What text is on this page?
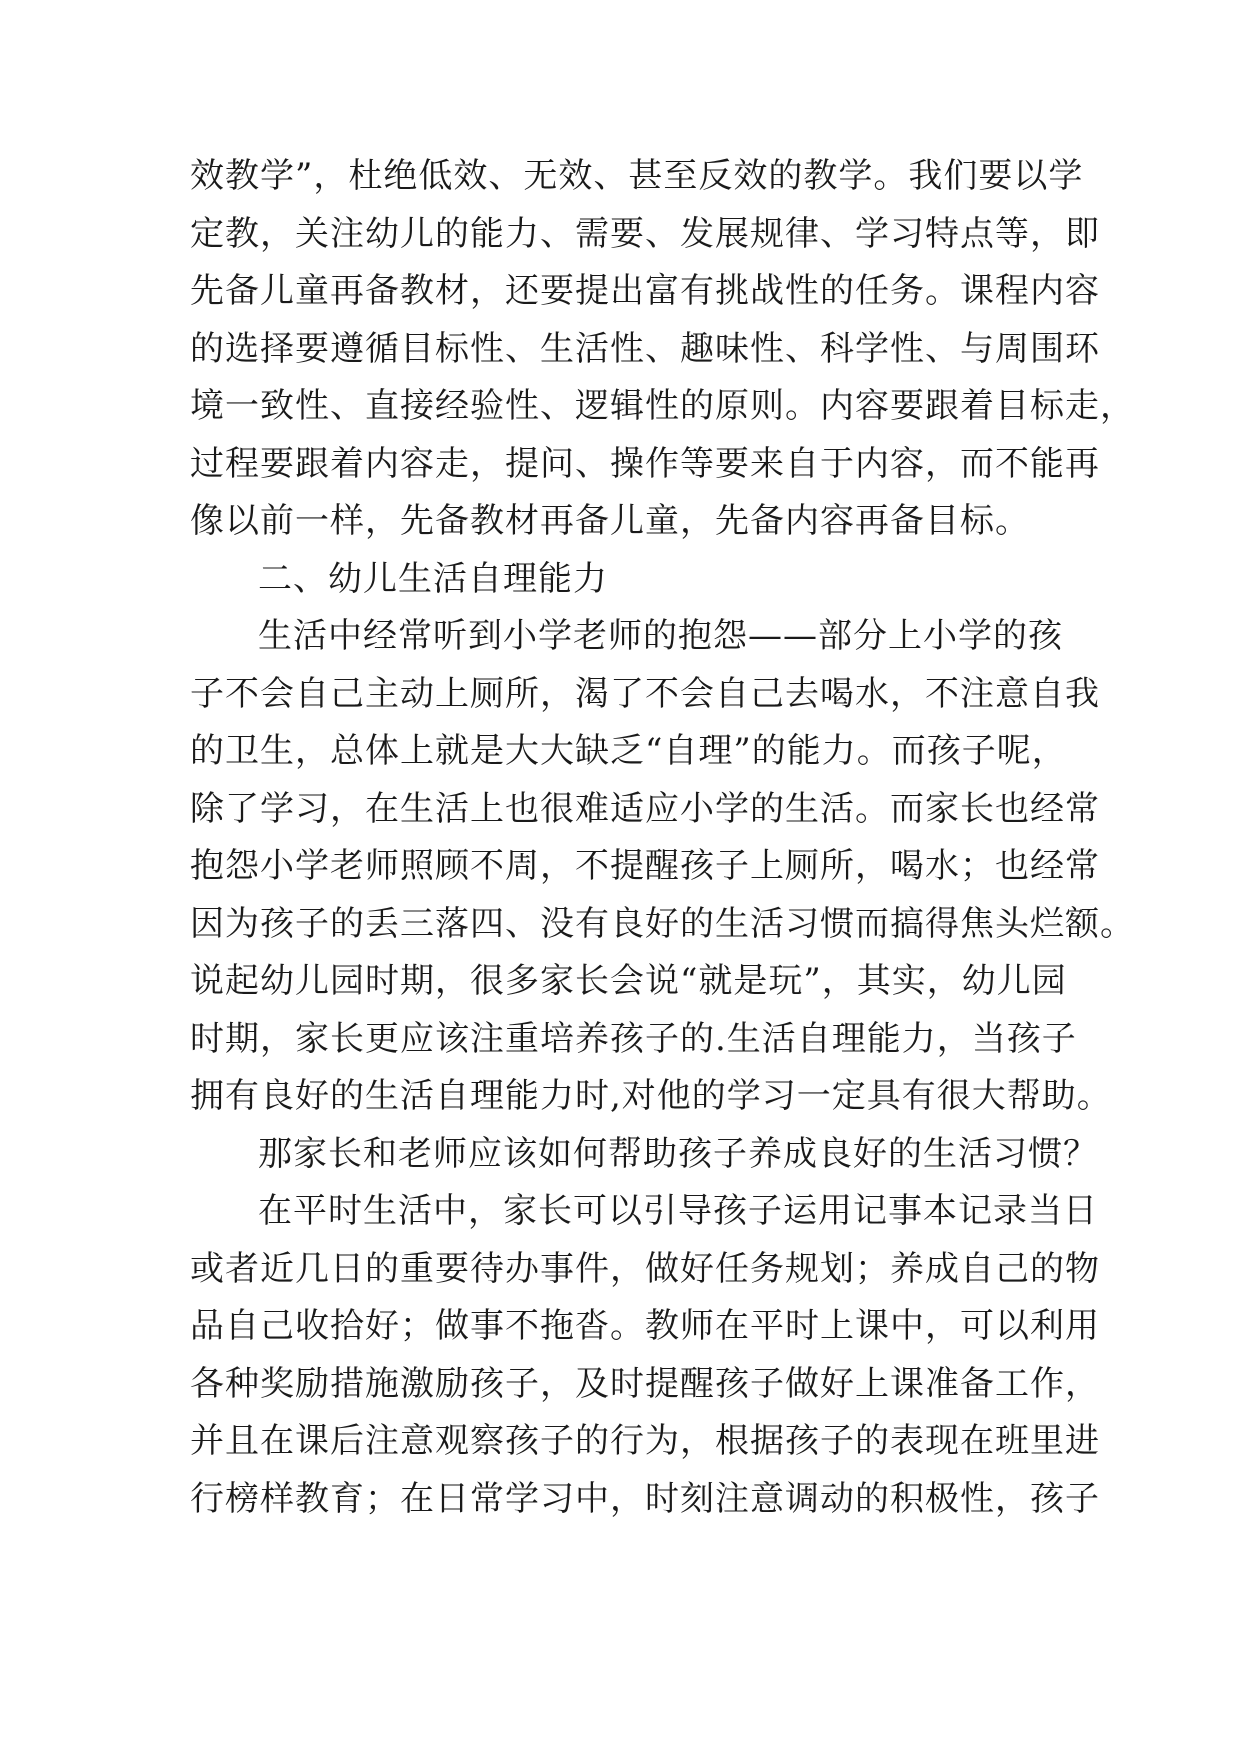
效教学”，杜绝低效、无效、甚至反效的教学。我们要以学
定教，关注幼儿的能力、需要、发展规律、学习特点等，即
先备儿童再备教材，还要提出富有挑战性的任务。课程内容
的选择要遵循目标性、生活性、趣味性、科学性、与周围环
境一致性、直接经验性、逻辑性的原则。内容要跟着目标走，
过程要跟着内容走，提问、操作等要来自于内容，而不能再
像以前一样，先备教材再备儿童，先备内容再备目标。
二、幼儿生活自理能力
生活中经常听到小学老师的抱怨——部分上小学的孩
子不会自己主动上厕所，渴了不会自己去喝水，不注意自我
的卫生，总体上就是大大缺乏“自理”的能力。而孩子呢，
除了学习，在生活上也很难适应小学的生活。而家长也经常
抱怨小学老师照顾不周，不提醒孩子上厕所，喝水；也经常
因为孩子的丢三落四、没有良好的生活习惯而搞得焦头烂额。
说起幼儿园时期，很多家长会说“就是玩”，其实，幼儿园
时期，家长更应该注重培养孩子的.生活自理能力，当孩子
拥有良好的生活自理能力时,对他的学习一定具有很大帮助。
那家长和老师应该如何帮助孩子养成良好的生活习惯？
在平时生活中，家长可以引导孩子运用记事本记录当日
或者近几日的重要待办事件，做好任务规划；养成自己的物
品自己收拾好；做事不拖沓。教师在平时上课中，可以利用
各种奖励措施激励孩子，及时提醒孩子做好上课准备工作，
并且在课后注意观察孩子的行为，根据孩子的表现在班里进
行榜样教育；在日常学习中，时刻注意调动的积极性，孩子
